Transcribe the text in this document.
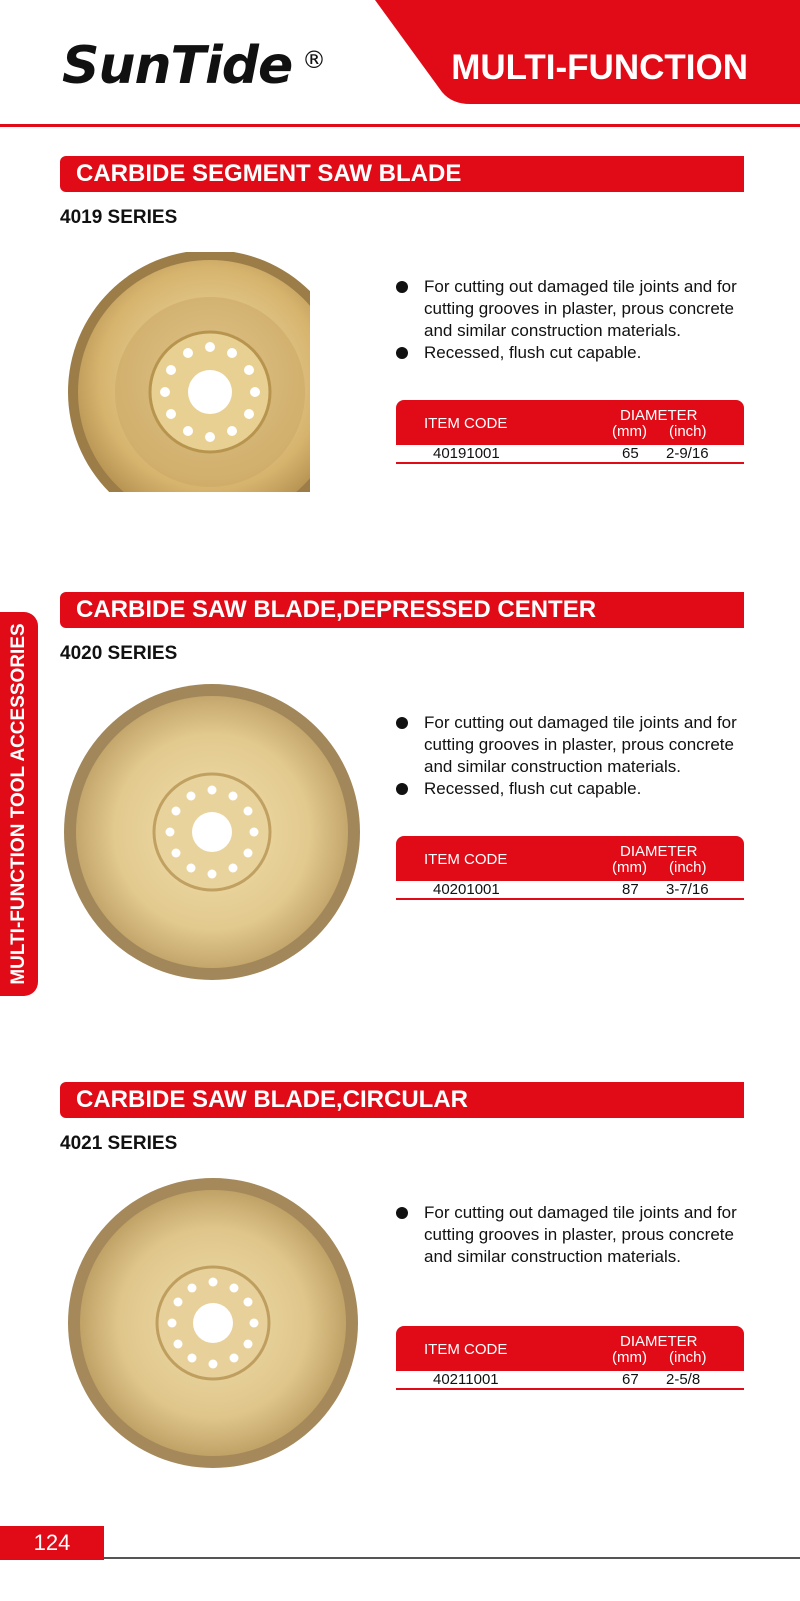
SunTide ®	MULTI-FUNCTION
MULTI-FUNCTION TOOL ACCESSORIES
CARBIDE SEGMENT SAW BLADE
4019 SERIES
For cutting out damaged tile joints and for cutting grooves in plaster, prous concrete and similar construction materials.
Recessed, flush cut capable.
ITEM CODE	DIAMETER
(mm) (inch)
40191001	65 2-9/16
CARBIDE SAW BLADE,DEPRESSED CENTER
4020 SERIES
For cutting out damaged tile joints and for cutting grooves in plaster, prous concrete and similar construction materials.
Recessed, flush cut capable.
ITEM CODE	DIAMETER
(mm) (inch)
40201001	87 3-7/16
CARBIDE SAW BLADE,CIRCULAR
4021 SERIES
For cutting out damaged tile joints and for cutting grooves in plaster, prous concrete and similar construction materials.
ITEM CODE	DIAMETER
(mm) (inch)
40211001	67 2-5/8
124
